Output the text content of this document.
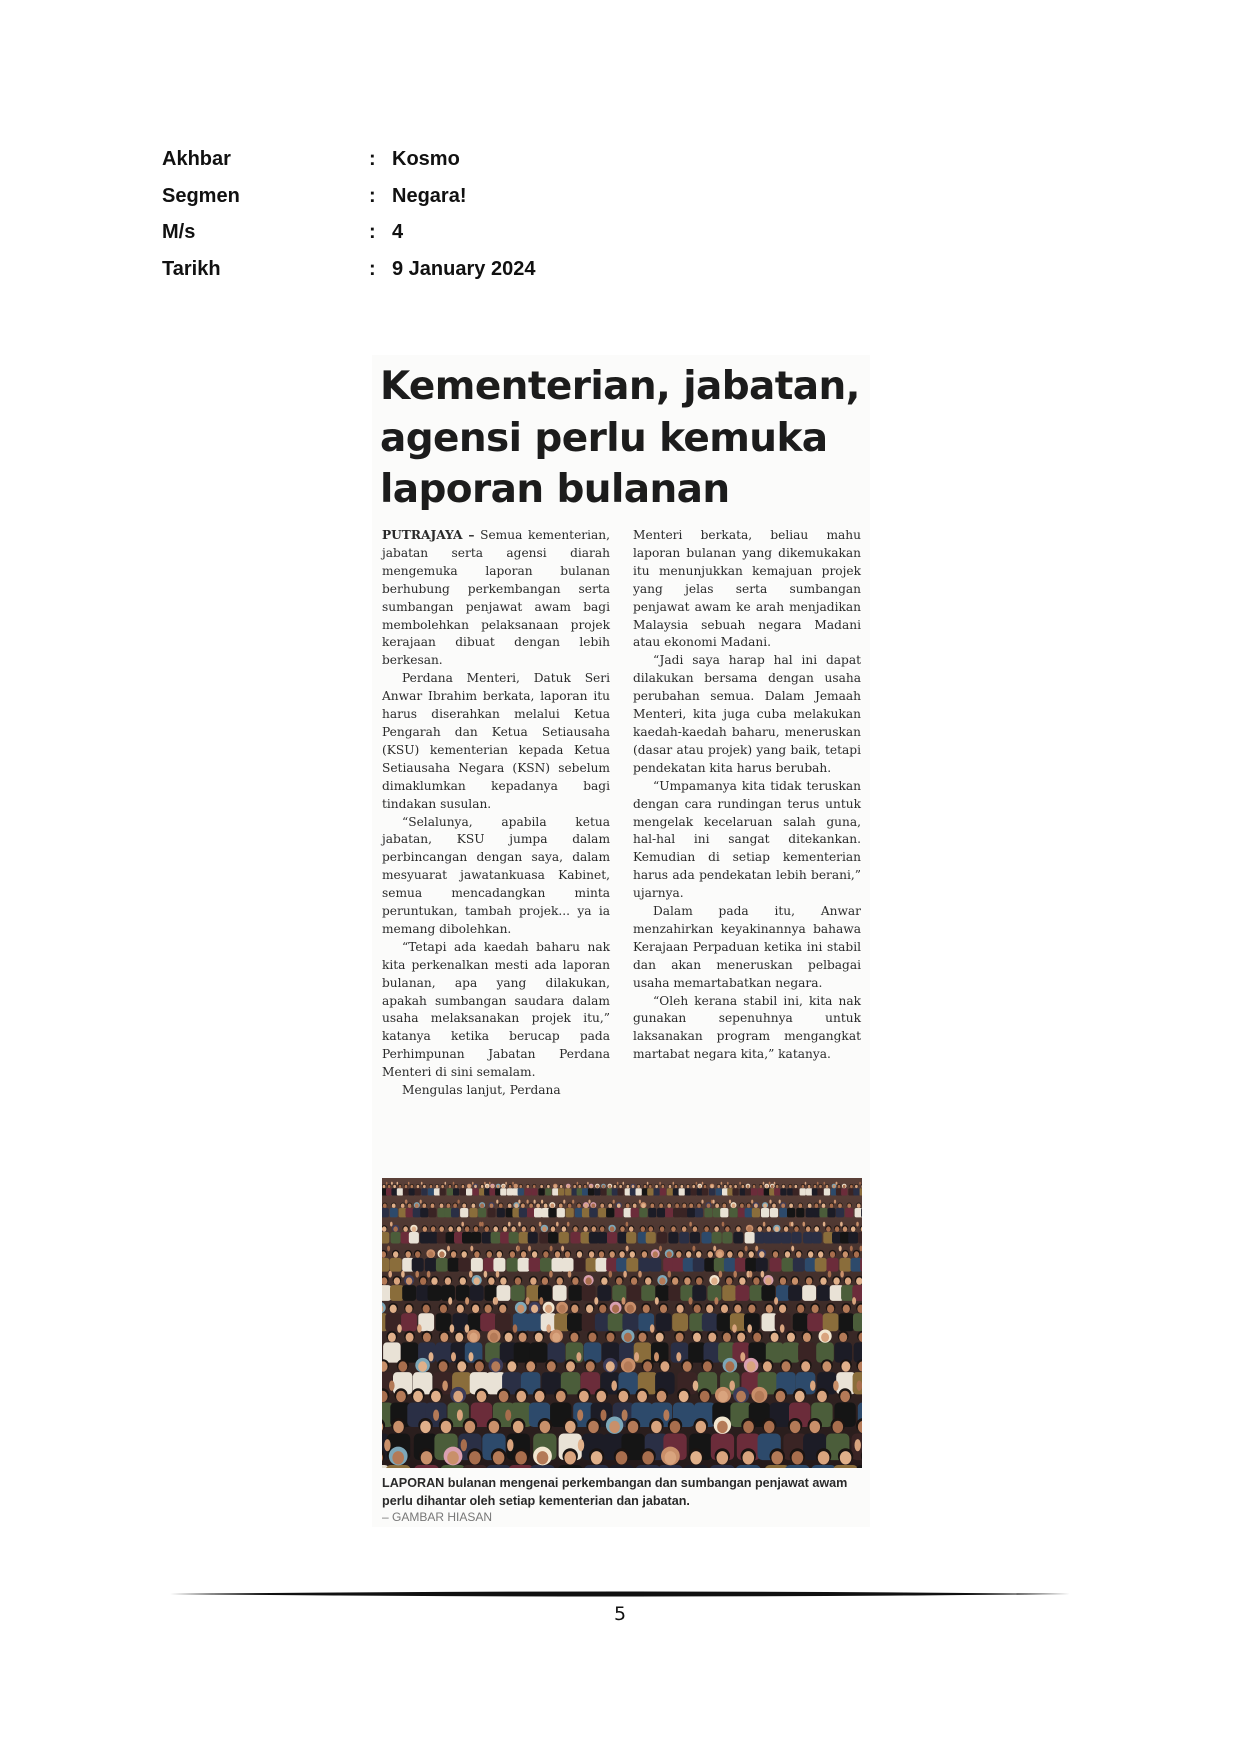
Akhbar	: Kosmo
Segmen	: Negara!
M/s	: 4
Tarikh	: 9 January 2024
Kementerian, jabatan,
agensi perlu kemuka
laporan bulanan

PUTRAJAYA – Semua kementerian, jabatan serta agensi diarah mengemuka laporan bulanan berhubung perkembangan serta sumbangan penjawat awam bagi membolehkan pelaksanaan projek kerajaan dibuat dengan lebih berkesan.

Perdana Menteri, Datuk Seri Anwar Ibrahim berkata, laporan itu harus diserahkan melalui Ketua Pengarah dan Ketua Setiausaha (KSU) kementerian kepada Ketua Setiausaha Negara (KSN) sebelum dimaklumkan kepadanya bagi tindakan susulan.

“Selalunya, apabila ketua jabatan, KSU jumpa dalam perbincangan dengan saya, dalam mesyuarat jawatankuasa Kabinet, semua mencadangkan minta peruntukan, tambah projek... ya ia memang dibolehkan.

“Tetapi ada kaedah baharu nak kita perkenalkan mesti ada laporan bulanan, apa yang dilakukan, apakah sumbangan saudara dalam usaha melaksanakan projek itu,” katanya ketika berucap pada Perhimpunan Jabatan Perdana Menteri di sini semalam.

Mengulas lanjut, Perdana

Menteri berkata, beliau mahu laporan bulanan yang dikemukakan itu menunjukkan kemajuan projek yang jelas serta sumbangan penjawat awam ke arah menjadikan Malaysia sebuah negara Madani atau ekonomi Madani.

“Jadi saya harap hal ini dapat dilakukan bersama dengan usaha perubahan semua. Dalam Jemaah Menteri, kita juga cuba melakukan kaedah-kaedah baharu, meneruskan (dasar atau projek) yang baik, tetapi pendekatan kita harus berubah.

“Umpamanya kita tidak teruskan dengan cara rundingan terus untuk mengelak kecelaruan salah guna, hal-hal ini sangat ditekankan. Kemudian di setiap kementerian harus ada pendekatan lebih berani,” ujarnya.

Dalam pada itu, Anwar menzahirkan keyakinannya bahawa Kerajaan Perpaduan ketika ini stabil dan akan meneruskan pelbagai usaha memartabatkan negara.

“Oleh kerana stabil ini, kita nak gunakan sepenuhnya untuk laksanakan program mengangkat martabat negara kita,” katanya.

LAPORAN bulanan mengenai perkembangan dan sumbangan penjawat awam perlu dihantar oleh setiap kementerian dan jabatan.
– GAMBAR HIASAN
5
